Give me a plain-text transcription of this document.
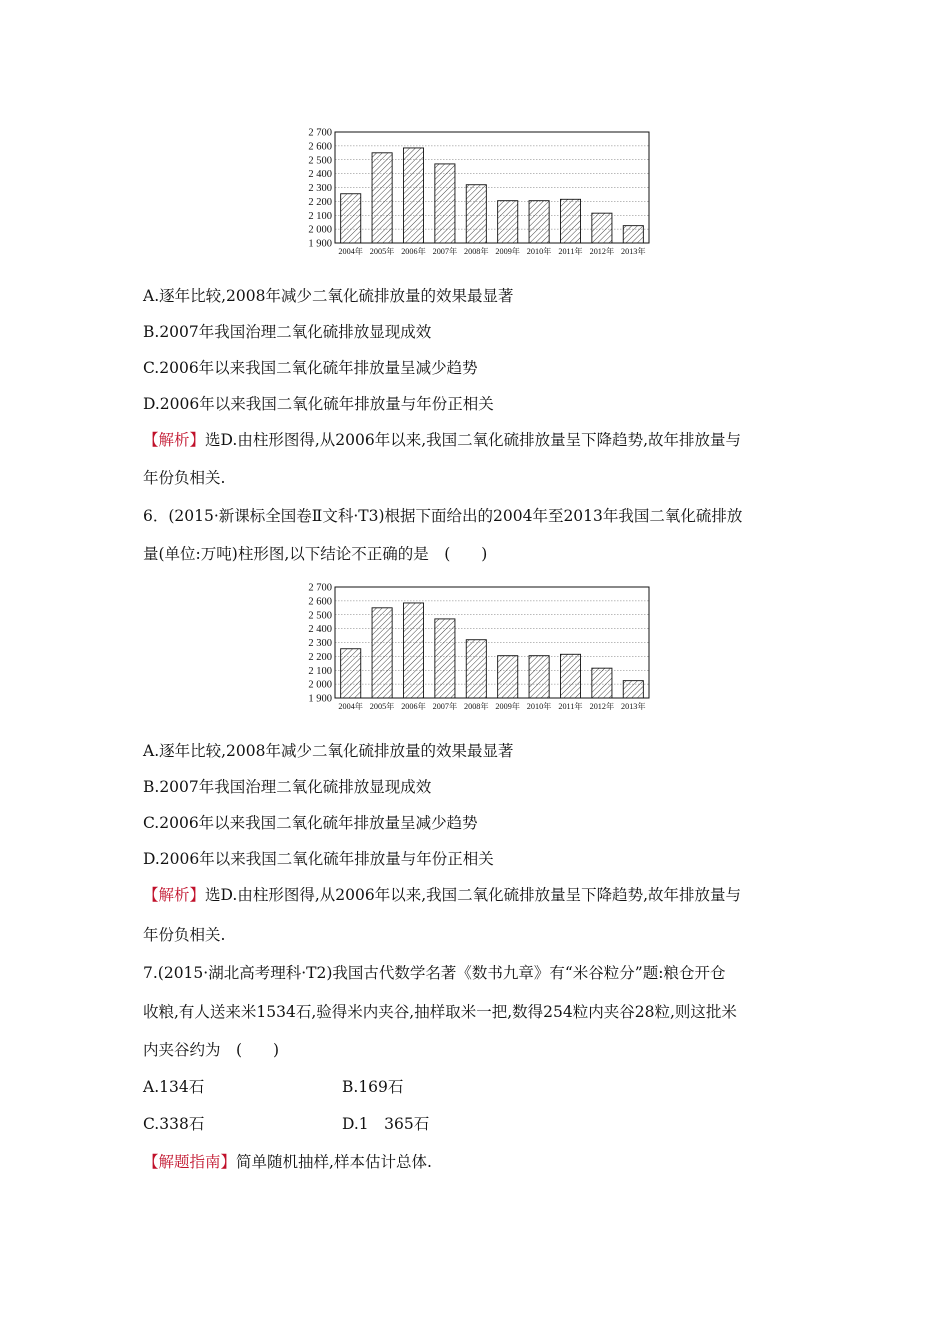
1 900
2 000
2 100
2 200
2 300
2 400
2 500
2 600
2 700
2004年 2005年 2006年 2007年 2008年 2009年 2010年 2011年 2012年 2013年
A.逐年比较,2008年减少二氧化硫排放量的效果最显著
B.2007年我国治理二氧化硫排放显现成效
C.2006年以来我国二氧化硫年排放量呈减少趋势
D.2006年以来我国二氧化硫年排放量与年份正相关
【解析】选D.由柱形图得,从2006年以来,我国二氧化硫排放量呈下降趋势,故年排放量与
年份负相关.
6．(2015·新课标全国卷Ⅱ文科·T3)根据下面给出的2004年至2013年我国二氧化硫排放
量(单位:万吨)柱形图,以下结论不正确的是　(　　)
1 900
2 000
2 100
2 200
2 300
2 400
2 500
2 600
2 700
2004年 2005年 2006年 2007年 2008年 2009年 2010年 2011年 2012年 2013年
A.逐年比较,2008年减少二氧化硫排放量的效果最显著
B.2007年我国治理二氧化硫排放显现成效
C.2006年以来我国二氧化硫年排放量呈减少趋势
D.2006年以来我国二氧化硫年排放量与年份正相关
【解析】选D.由柱形图得,从2006年以来,我国二氧化硫排放量呈下降趋势,故年排放量与
年份负相关.
7.(2015·湖北高考理科·T2)我国古代数学名著《数书九章》有“米谷粒分”题:粮仓开仓
收粮,有人送来米1534石,验得米内夹谷,抽样取米一把,数得254粒内夹谷28粒,则这批米
内夹谷约为　(　　)
A.134石	B.169石
C.338石	D.1　365石
【解题指南】简单随机抽样,样本估计总体.
